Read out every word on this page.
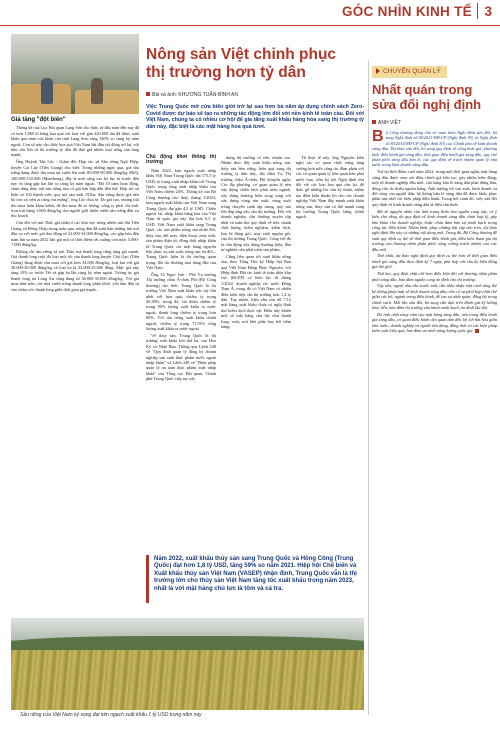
GÓC NHÌN KINH TẾ 3
Giá tăng "đột biến"

Thống kê của Cục Hải quan Lạng Sơn cho thấy, từ đầu năm đến nay đã có hơn 1.860 lô hàng hoa quả các loại với gần 220.000 tấn đã được xuất khẩu qua năm cửa khẩu của tỉnh Lạng Sơn, tăng 140% so cùng kỳ năm ngoái. Con số này cho thấy hoa quả Việt Nam bắt đầu sôi động trở lại, với nhu cầu lớn từ thị trường tỷ dân đã đưa giá nhiều loại nông sản tăng mạnh.

Ông Huỳnh Tấn Lộc - Giám đốc Hợp tác xã Sầu riêng Ngũ Hiệp, huyện Cai Lậy (Tiền Giang) cho biết: Trong những ngày qua, giá sầu riêng đang được thu mua tại vườn lên mức 80.000-90.000 đồng/kg (Ri6), 100.000-130.000 (Monthong), đây là mức tăng cao kỷ lục từ trước đến nay và tăng gấp hai lần so cùng kỳ năm ngoái. "Đã 10 năm hoạt động, chưa từng thấy trái sầu riêng nào có giá bán hấp dẫn đến thế. Hợp tác xã hiện có 102 thành viên, quy mô sản xuất 191ha. Sầu riêng được giá nên bà con xã viên ai cũng vui mừng", ông Lộc chia sẻ. Do giá cao, nhưng trái thu mua hiện khan hiếm, để thu mua đủ số lượng, công ty phải chi mức trọn trái hàng 1.000 đồng/kg cho người giới thiệu vườn sầu riêng đến vụ thu hoạch.

Còn đối với mít Thái, giá nhân ở các khu vực trồng nhiều mít lớn Tiền Giang và Đồng Tháp trong tuần qua, nông dân đã xuất bán những lứa mít đầu vụ với mức giá dao động từ 22.000-34.000 đồng/kg, cao gấp bốn đến năm lần so năm 2022 khi giá mít có thời điểm rớt xuống còn mức 5.000-7.000 đồng/kg.

Không chỉ sầu riêng và mít Thái, mà thanh long cũng tăng giá mạnh. Giá thanh long ruột đỏ loại một tốt của thanh long huyện Chợ Gạo (Tiền Giang) đang được thu mua với giá hơn 34.000 đồng/kg, loại hai với giá 28.000-30.000 đồng/kg và loại ba là 23.000-25.000 đồng. Mức giá này tăng 10% so trước Tết và gấp ba lần cùng kỳ năm ngoái. Tương tự, giá thanh long tại Long An cũng đang từ 30.000-35.000 đồng/kg. Với giá mua như trên, các nhà vườn trồng thanh long phấn khởi, yên tâm đầu tư vào chăm sóc thanh long giữa thời gian giá mạnh...

Nông sản Việt chinh phục thị trường hơn tỷ dân
Bài và ảnh: KHƯƠNG TUẤN-BÌNH AN
Việc Trung Quốc mở cửa biên giới trở lại sau hơn ba năm áp dụng chính sách Zero-Covid được dự báo sẽ tạo ra những tác động lớn đối với nền kinh tế toàn cầu. Đối với Việt Nam, chúng ta có nhiều cơ hội để gia tăng xuất khẩu hàng hóa sang thị trường tỷ dân này, đặc biệt là các mặt hàng hoa quả tươi.
Chủ động khơi thông thị trường

Năm 2022, kim ngạch xuất nhập khẩu Việt Nam-Trung Quốc đạt 175,5 tỷ USD; tỷ trọng xuất nhập khẩu với Trung Quốc trong tổng xuất nhập khẩu của Việt Nam chiếm 24%. Thống kê của Bộ Công thương cho thấy, tháng 1/2023, kim ngạch xuất khẩu của Việt Nam sang Trung Quốc đạt gần 4,5 tỷ USD. Chiều ngược lại, nhập khẩu hàng hóa của Việt Nam từ quốc gia này đạt hơn 6,5 tỷ USD. Việt Nam xuất khẩu sang Trung Quốc các sản phẩm nông sản nhiệt đới, thủy sản, dệt may, điện thoại, máy tính, sản phẩm điện tử; đồng thời nhập khẩu từ Trung Quốc các mặt hàng nguyên liệu phục vụ sản xuất, nông sản ôn đới... Trung Quốc hiện là thị trường quan trọng, đối tác thương mại hàng đầu của Việt Nam.

Ông Tô Ngọc Sơn - Phó Vụ trưởng Thị trường châu Á-châu Phi (Bộ Công thương) cho biết: Trung Quốc là thị trường Việt Nam xuất khẩu trái cây lớn nhất với hoa quả, chiếm tỷ trọng 45,38%; trong đó, vải thiều chiếm tỷ trọng 90% lượng xuất khẩu ra nước ngoài, thanh long chiếm tỷ trọng hơn 80%. Với sầu riêng xuất khẩu chính ngạch, chiếm tỷ trọng 71,91% tổng lượng xuất khẩu ra nước ngoài.

Về thủy sản, Trung Quốc là thị trường xuất khẩu lớn thứ ba, sau Hoa Kỳ và Nhật Bản. Thông qua Lệnh 248 về "Quy định quản lý đăng ký doanh nghiệp sản xuất thực phẩm nước ngoài nhập khẩu" và Lệnh 249 về "Biện pháp quản lý an toàn thực phẩm xuất nhập khẩu" của Tổng cục Hải quan, Chính phủ Trung Quốc tiếp tục xây

dựng thị trường có tiêu chuẩn cao. Nhằm thúc đẩy xuất khẩu nông sản, thủy sản bền vững, hiệu quả sang thị trường tỷ dân này, đại diện Vụ Thị trường châu Á-châu Phi khuyến nghị: Các địa phương, cơ quan quản lý nên xây dựng chiến lược phát triển ngành, xây dựng thương hiệu song song với xây dựng vùng sản xuất, vùng nuôi trồng chuyên canh tập trung, quy mô lớn đáp ứng yêu cầu thị trường. Đối với doanh nghiệp, cần thường xuyên cập nhật và tuân thủ quy định về tiêu chuẩn chất lượng, kiểm nghiệm, kiểm dịch, bao bì đóng gói, truy xuất nguồn gốc của thị trường Trung Quốc. Cùng với đó là chủ động xây dựng thương hiệu, đầu tư nghiên cứu phát triển sản phẩm.

Cũng liên quan tới xuất khẩu nông sản, theo Tổng Thư ký Hiệp hội Rau quả Việt Nam Đặng Phúc Nguyên, với Hiệp định Đối tác kinh tế toàn diện khu vực (RCEP) có hiệu lực từ tháng 1/2022, doanh nghiệp các nước Đông Nam Á, trong đó có Việt Nam có nhiều điều kiện tiếp cận thị trường hơn 1,4 tỷ dân. Tuy nhiên, hiện vẫn còn tới 7/12 mặt hàng xuất khẩu chưa có nghị định thư kiểm dịch thực vật. Điều này khiến một số mặt hàng chủ lực như thanh long, xoài, mít khó phát huy hết tiềm năng.

Từ thực tế này, ông Nguyên kiến nghị các cơ quan chức năng tăng cường hơn nữa công tác đàm phán với các cơ quan quản lý liên quan bên phía nước bạn, sớm ký kết Nghị định thư đối với các loại hoa quả còn lại, để tháo gỡ những lúc cần kỳ thuật, nhằm tạo điều kiện thuận lợi cho các doanh nghiệp Việt Nam đẩy mạnh xuất khẩu nông sản, thủy sản có thế mạnh sang thị trường Trung Quốc bằng chính ngạch.

Năm 2022, xuất khẩu thủy sản sang Trung Quốc và Hồng Công (Trung Quốc) đạt hơn 1,8 tỷ USD, tăng 59% so năm 2021. Hiệp hội Chế biến và Xuất khẩu thủy sản Việt Nam (VASEP) nhận định, Trung Quốc vẫn là thị trường lớn cho thủy sản Việt Nam tăng tốc xuất khẩu trong năm 2023, nhất là với mặt hàng chủ lực là tôm và cá tra.
Sầu riêng của Việt Nam ký vọng đạt kim ngạch xuất khẩu 1 tỷ USD trong năm nay
CHUYỂN QUẢN LÝ
Nhất quán trong sửa đổi nghị định
ANH VIỆT

Bộ Công thương đang chủ trì soạn thảo Nghị định sửa đổi, bổ sung Nghị định số 95/2021/NĐ-CP (Nghị định 95) và Nghị định số 83/2014/NĐ-CP (Nghị định 83) của Chính phủ về kinh doanh xăng dầu. Dự thảo sửa đổi, bổ sung quy định về công thức giá, phương thức điều hành giá xăng dầu, thời gian điều hành giá xăng dầu, quy chế phân phối xăng dầu bán lẻ, các quy định về trách nhiệm quản lý nhà nước trong kinh doanh xăng dầu.

Trừ lại thời điểm cuối năm 2022, trong một thời gian ngắn, mặt hàng xăng dầu được xem xét điều chỉnh giá liên tục, gây nhiều biến động; một số doanh nghiệp đầu mối, cửa hàng bán lẻ xăng dầu phải dừng bán, đóng cửa do thiếu nguồn hàng. Ảnh hưởng tới sản xuất, kinh doanh và đời sống của người dân, hệ thống bán lẻ xăng dầu đã được khắc phục phần nào nhờ các biện pháp điều hành. Trong bối cảnh đó, việc sửa đổi quy định về kinh doanh xăng dầu là điều cần thiết.

Mà sẽ nguyên nhân của tình trạng thiếu hụt nguồn cung này, có ý kiến cho rằng, do quy định về kinh doanh xăng dầu chưa hợp lý, gây khó khăn cho doanh nghiệp, hoặc chưa đảm bảo sự minh bạch trong công tác điều hành. Nhằm khắc phục những bất cập nêu trên, dự thảo nghị định lần này có những nội dung mới. Trong đó, Bộ Công thương đề xuất quy định cụ thể về thời gian điều hành giá, điều kiện tham gia thị trường của thương nhân phân phối, tăng cường trách nhiệm của các đầu mối.

Thứ nhất, dự thảo nghị định quy định cụ thể hơn về thời gian điều hành giá xăng dầu theo định kỳ 7 ngày, phù hợp với chu kỳ biến động giá thế giới.

Thứ hai, quy định chặt chẽ hơn điều kiện đối với thương nhân phân phối xăng dầu, bảo đảm nguồn cung ổn định cho thị trường.

Vậy nên, ngoài nhu cầu trước mắt, cần nhìn nhận một cách tổng thể hệ thống pháp luật về kinh doanh xăng dầu, cần có sự phối hợp chặt chẽ giữa các bộ, ngành trong điều hành, để tạo sự nhất quán, đồng bộ trong chính sách. Mỗi lần sửa đổi, bổ sung cần dựa trên đánh giá kỹ lưỡng thực tiễn, bảo đảm thị trường vận hành minh bạch, ổn định lâu dài.

Do tình chất nhạy cảm của mặt hàng xăng dầu, nên trong điều hành giá xăng dầu, cơ quan điều hành cần quan tâm đến lợi ích hài hòa giữa nhà nước, doanh nghiệp và người tiêu dùng, đồng thời có các biện pháp kiểm soát hiệu quả, bảo đảm an ninh năng lượng quốc gia.
